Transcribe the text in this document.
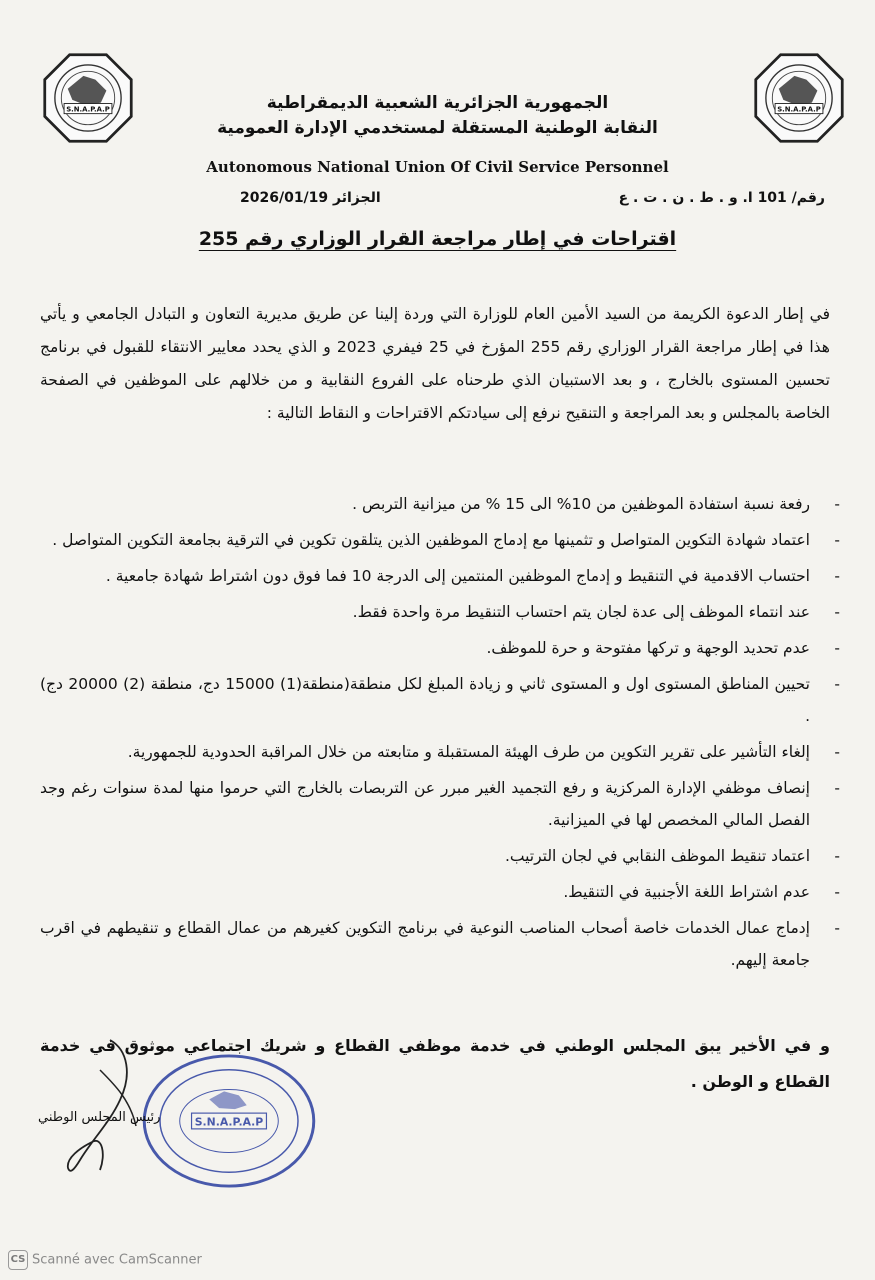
S.N.A.P.A.P	S.N.A.P.A.P
الجمهورية الجزائرية الشعبية الديمقراطية
النقابة الوطنية المستقلة لمستخدمي الإدارة العمومية
Autonomous National Union Of Civil Service Personnel
رقم/ 101 ا. و . ط . ن . ت . ع
الجزائر 2026/01/19
اقتراحات في إطار مراجعة القرار الوزاري رقم 255
في إطار الدعوة الكريمة من السيد الأمين العام للوزارة التي وردة إلينا عن طريق مديرية التعاون و التبادل الجامعي و يأتي هذا في إطار مراجعة القرار الوزاري رقم 255 المؤرخ في 25 فيفري 2023 و الذي يحدد معايير الانتقاء للقبول في برنامج تحسين المستوى بالخارج ، و بعد الاستبيان الذي طرحناه على الفروع النقابية و من خلالهم على الموظفين في الصفحة الخاصة بالمجلس و بعد المراجعة و التنقيح نرفع إلى سيادتكم الاقتراحات و النقاط التالية :
-
رفعة نسبة استفادة الموظفين من 10% الى 15 % من ميزانية التربص .
-
اعتماد شهادة التكوين المتواصل و تثمينها مع إدماج الموظفين الذين يتلقون تكوين في الترقية بجامعة التكوين المتواصل .
-
احتساب الاقدمية في التنقيط و إدماج الموظفين المنتمين إلى الدرجة 10 فما فوق دون اشتراط شهادة جامعية .
-
عند انتماء الموظف إلى عدة لجان يتم احتساب التنقيط مرة واحدة فقط.
-
عدم تحديد الوجهة و تركها مفتوحة و حرة للموظف.
-
تحيين المناطق المستوى اول و المستوى ثاني و زيادة المبلغ لكل منطقة(منطقة(1) 15000 دج، منطقة (2) 20000 دج) .
-
إلغاء التأشير على تقرير التكوين من طرف الهيئة المستقبلة و متابعته من خلال المراقبة الحدودية للجمهورية.
-
إنصاف موظفي الإدارة المركزية و رفع التجميد الغير مبرر عن التربصات بالخارج التي حرموا منها لمدة سنوات رغم وجد الفصل المالي المخصص لها في الميزانية.
-
اعتماد تنقيط الموظف النقابي في لجان الترتيب.
-
عدم اشتراط اللغة الأجنبية في التنقيط.
-
إدماج عمال الخدمات خاصة أصحاب المناصب النوعية في برنامج التكوين كغيرهم من عمال القطاع و تنقيطهم في اقرب جامعة إليهم.
و في الأخير يبق المجلس الوطني في خدمة موظفي القطاع و شريك اجتماعي موثوق في خدمة القطاع و الوطن .
S.N.A.P.A.P
رئيس المجلس الوطني
CS Scanné avec CamScanner
